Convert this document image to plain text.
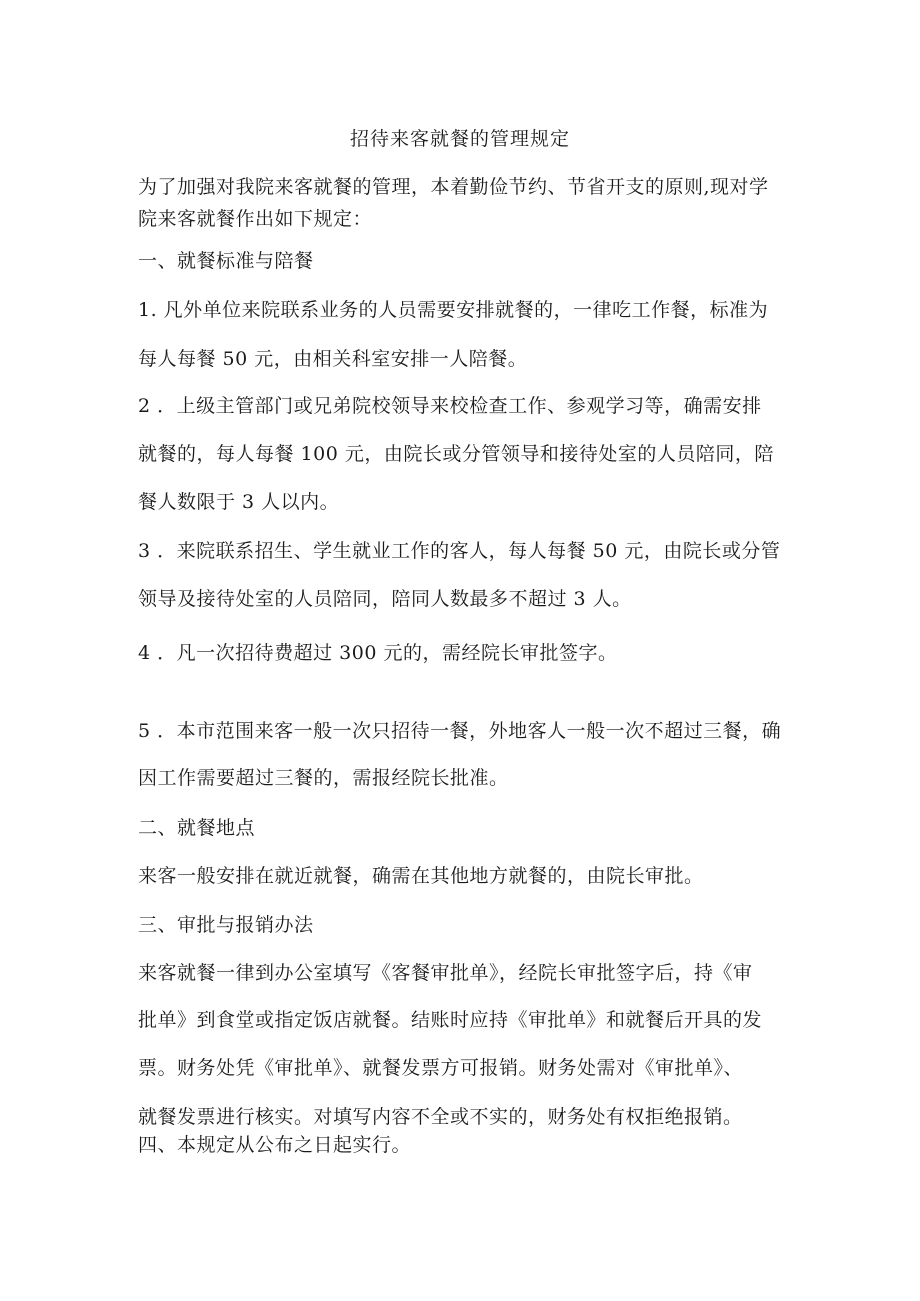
招待来客就餐的管理规定
为了加强对我院来客就餐的管理，本着勤俭节约、节省开支的原则,现对学
院来客就餐作出如下规定：
一、就餐标准与陪餐
1. 凡外单位来院联系业务的人员需要安排就餐的，一律吃工作餐，标准为
每人每餐 50 元，由相关科室安排一人陪餐。
2 ．上级主管部门或兄弟院校领导来校检查工作、参观学习等，确需安排
就餐的，每人每餐 100 元，由院长或分管领导和接待处室的人员陪同，陪
餐人数限于 3 人以内。
3 ．来院联系招生、学生就业工作的客人，每人每餐 50 元，由院长或分管
领导及接待处室的人员陪同，陪同人数最多不超过 3 人。
4 ．凡一次招待费超过 300 元的，需经院长审批签字。
5 ．本市范围来客一般一次只招待一餐，外地客人一般一次不超过三餐，确
因工作需要超过三餐的，需报经院长批准。
二、就餐地点
来客一般安排在就近就餐，确需在其他地方就餐的，由院长审批。
三、审批与报销办法
来客就餐一律到办公室填写《客餐审批单》，经院长审批签字后，持《审
批单》到食堂或指定饭店就餐。结账时应持《审批单》和就餐后开具的发
票。财务处凭《审批单》、就餐发票方可报销。财务处需对《审批单》、
就餐发票进行核实。对填写内容不全或不实的，财务处有权拒绝报销。
四、本规定从公布之日起实行。
